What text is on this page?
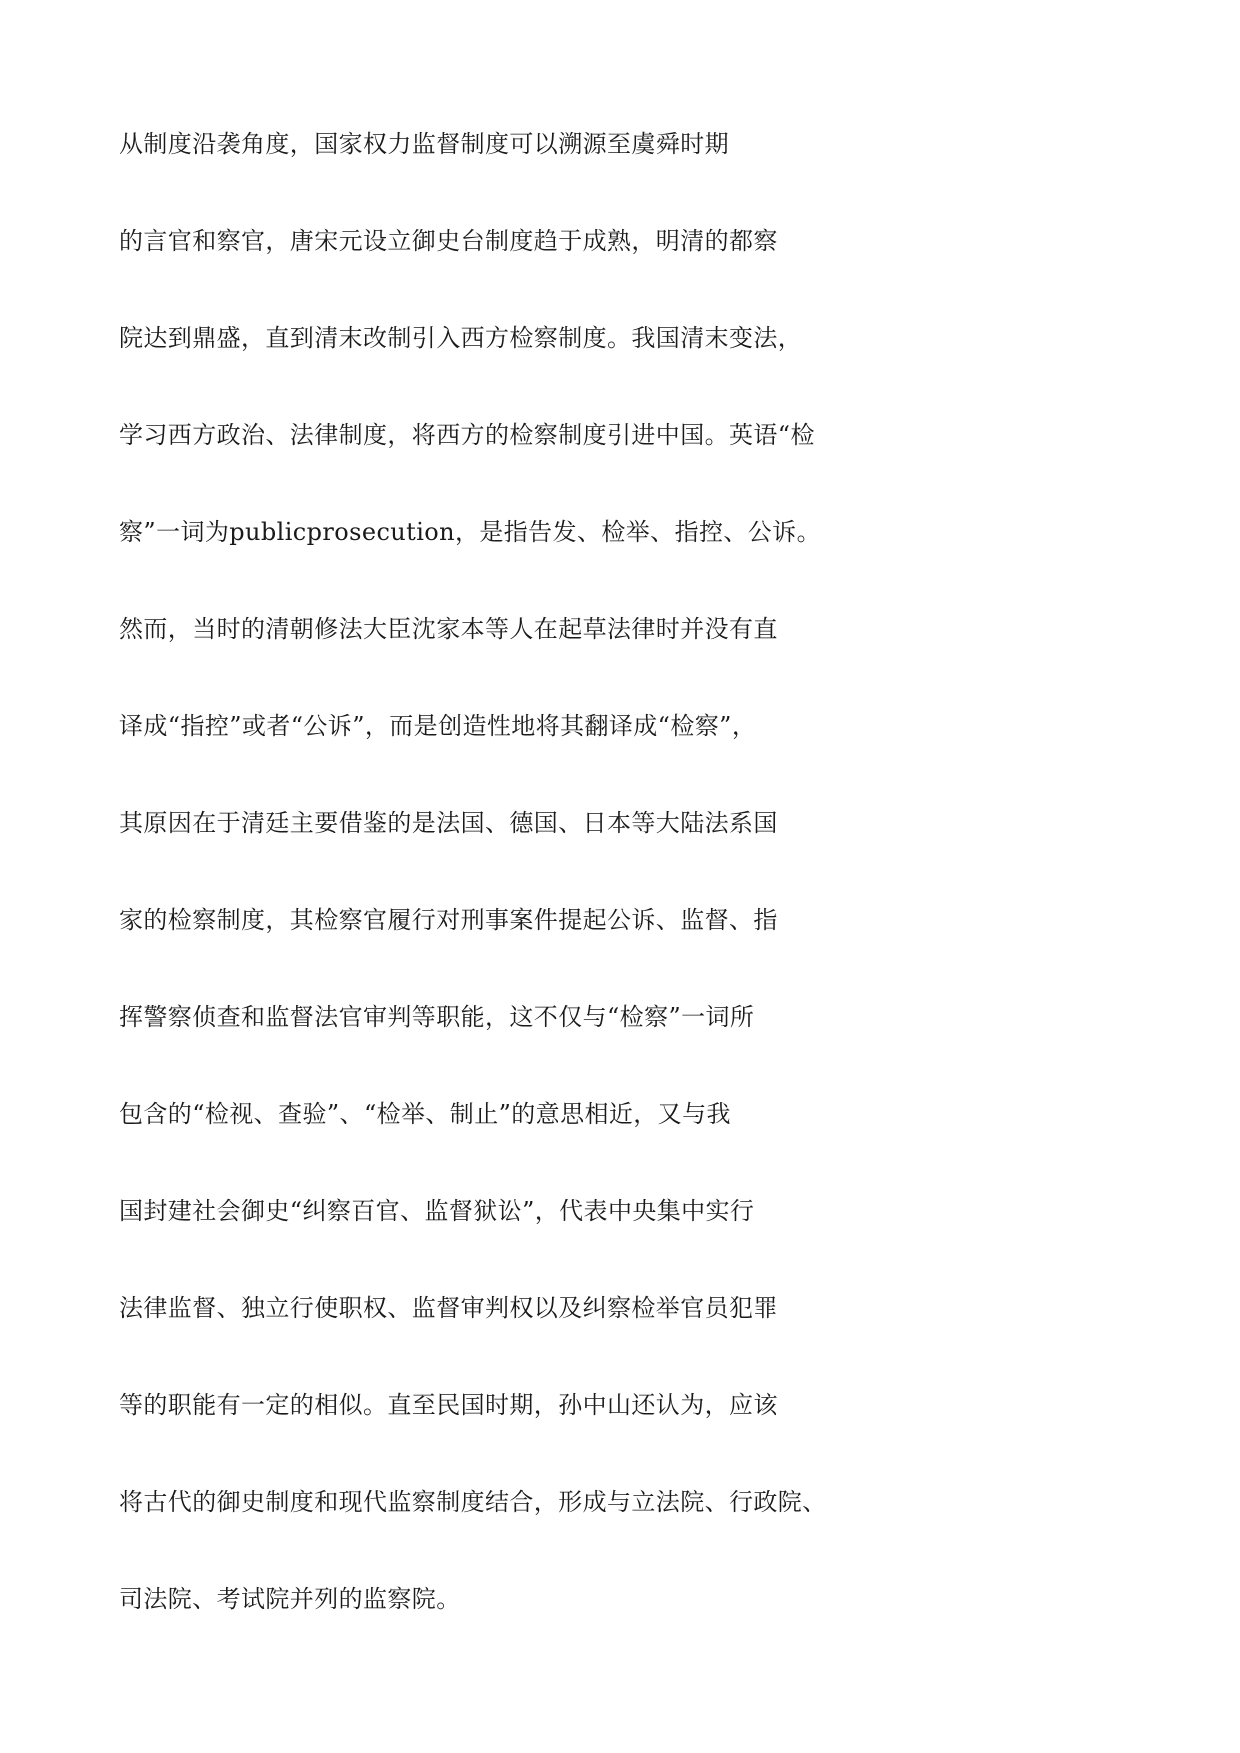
从制度沿袭角度，国家权力监督制度可以溯源至虞舜时期
的言官和察官，唐宋元设立御史台制度趋于成熟，明清的都察
院达到鼎盛，直到清末改制引入西方检察制度。我国清末变法，
学习西方政治、法律制度，将西方的检察制度引进中国。英语“检
察”一词为publicprosecution，是指告发、检举、指控、公诉。
然而，当时的清朝修法大臣沈家本等人在起草法律时并没有直
译成“指控”或者“公诉”，而是创造性地将其翻译成“检察”，
其原因在于清廷主要借鉴的是法国、德国、日本等大陆法系国
家的检察制度，其检察官履行对刑事案件提起公诉、监督、指
挥警察侦查和监督法官审判等职能，这不仅与“检察”一词所
包含的“检视、查验”、“检举、制止”的意思相近，又与我
国封建社会御史“纠察百官、监督狱讼”，代表中央集中实行
法律监督、独立行使职权、监督审判权以及纠察检举官员犯罪
等的职能有一定的相似。直至民国时期，孙中山还认为，应该
将古代的御史制度和现代监察制度结合，形成与立法院、行政院、
司法院、考试院并列的监察院。
